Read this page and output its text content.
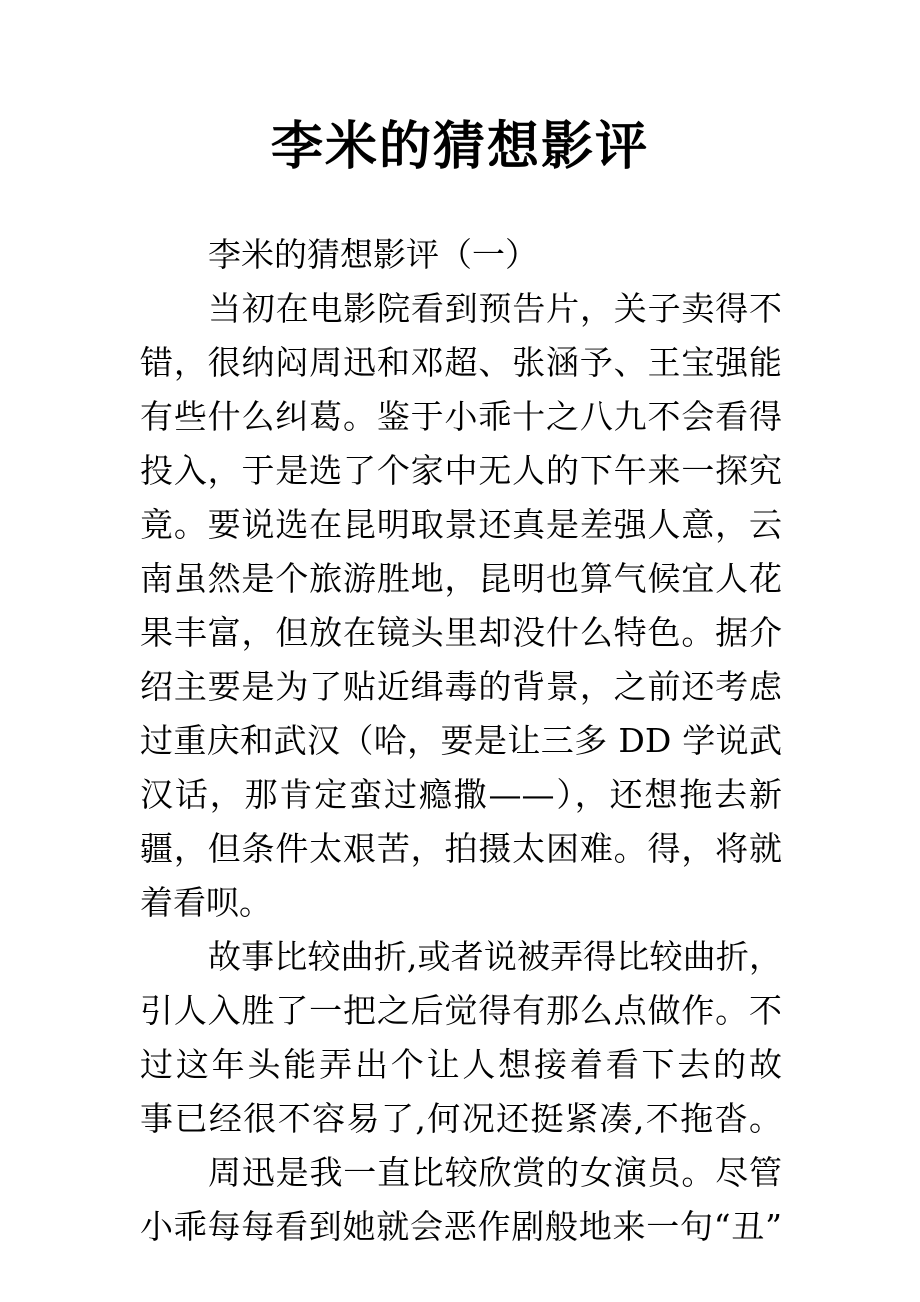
李米的猜想影评
李米的猜想影评（一）
当初在电影院看到预告片，关子卖得不
错，很纳闷周迅和邓超、张涵予、王宝强能
有些什么纠葛。鉴于小乖十之八九不会看得
投入，于是选了个家中无人的下午来一探究
竟。要说选在昆明取景还真是差强人意，云
南虽然是个旅游胜地，昆明也算气候宜人花
果丰富，但放在镜头里却没什么特色。据介
绍主要是为了贴近缉毒的背景，之前还考虑
过重庆和武汉（哈，要是让三多 DD 学说武
汉话，那肯定蛮过瘾撒——），还想拖去新
疆，但条件太艰苦，拍摄太困难。得，将就
着看呗。
故事比较曲折,或者说被弄得比较曲折，
引人入胜了一把之后觉得有那么点做作。不
过这年头能弄出个让人想接着看下去的故
事已经很不容易了,何况还挺紧凑,不拖沓。
周迅是我一直比较欣赏的女演员。尽管
小乖每每看到她就会恶作剧般地来一句“丑”
